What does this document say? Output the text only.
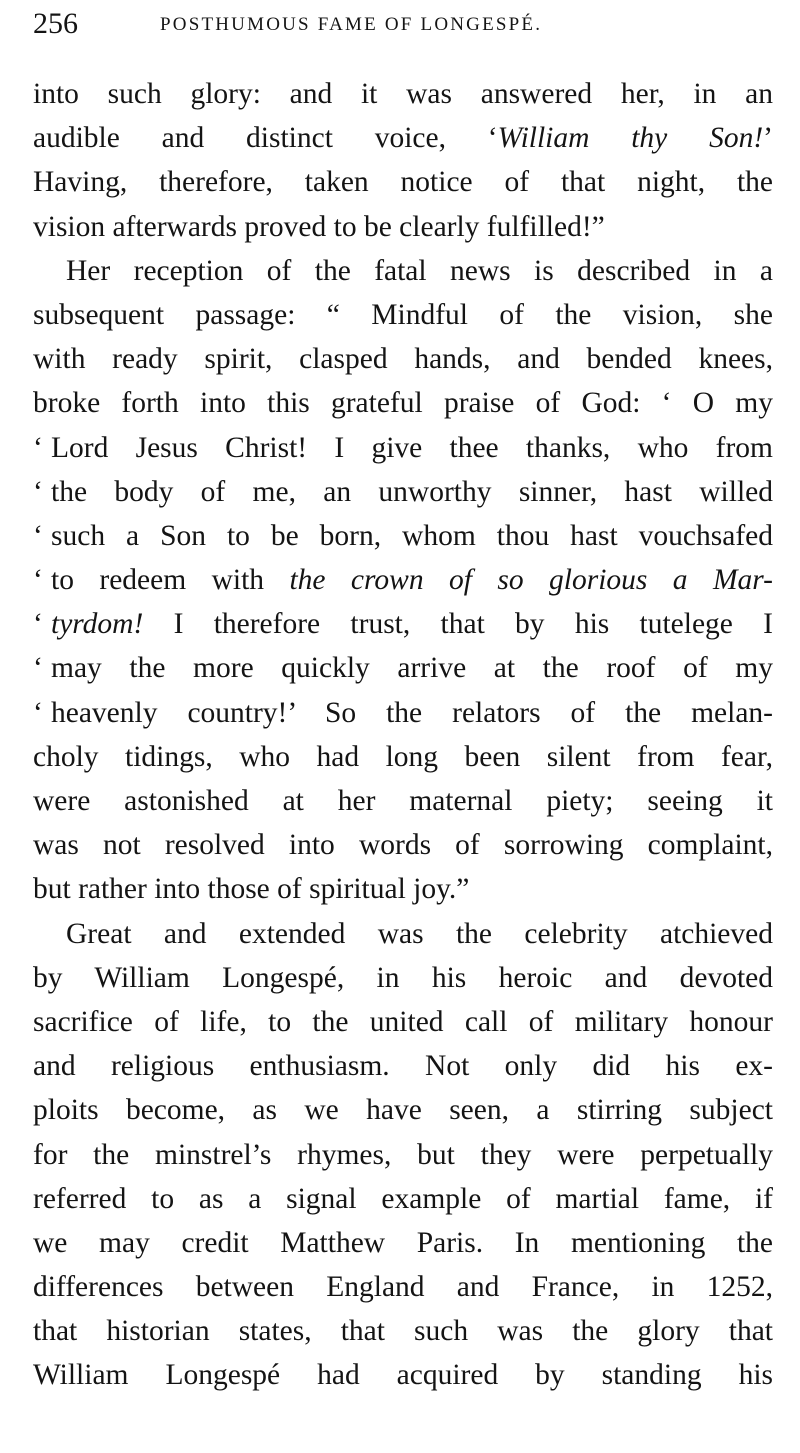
256	POSTHUMOUS FAME OF LONGESPÉ.
into such glory: and it was answered her, in an
audible and distinct voice, ‘William thy Son!’
Having, therefore, taken notice of that night, the
vision afterwards proved to be clearly fulfilled!”
Her reception of the fatal news is described in a
subsequent passage: “ Mindful of the vision, she
with ready spirit, clasped hands, and bended knees,
broke forth into this grateful praise of God: ‘ O my
‘ Lord Jesus Christ! I give thee thanks, who from
‘ the body of me, an unworthy sinner, hast willed
‘ such a Son to be born, whom thou hast vouchsafed
‘ to redeem with the crown of so glorious a Mar-
‘ tyrdom! I therefore trust, that by his tutelege I
‘ may the more quickly arrive at the roof of my
‘ heavenly country!’ So the relators of the melan-
choly tidings, who had long been silent from fear,
were astonished at her maternal piety; seeing it
was not resolved into words of sorrowing complaint,
but rather into those of spiritual joy.”
Great and extended was the celebrity atchieved
by William Longespé, in his heroic and devoted
sacrifice of life, to the united call of military honour
and religious enthusiasm. Not only did his ex-
ploits become, as we have seen, a stirring subject
for the minstrel’s rhymes, but they were perpetually
referred to as a signal example of martial fame, if
we may credit Matthew Paris. In mentioning the
differences between England and France, in 1252,
that historian states, that such was the glory that
William Longespé had acquired by standing his
